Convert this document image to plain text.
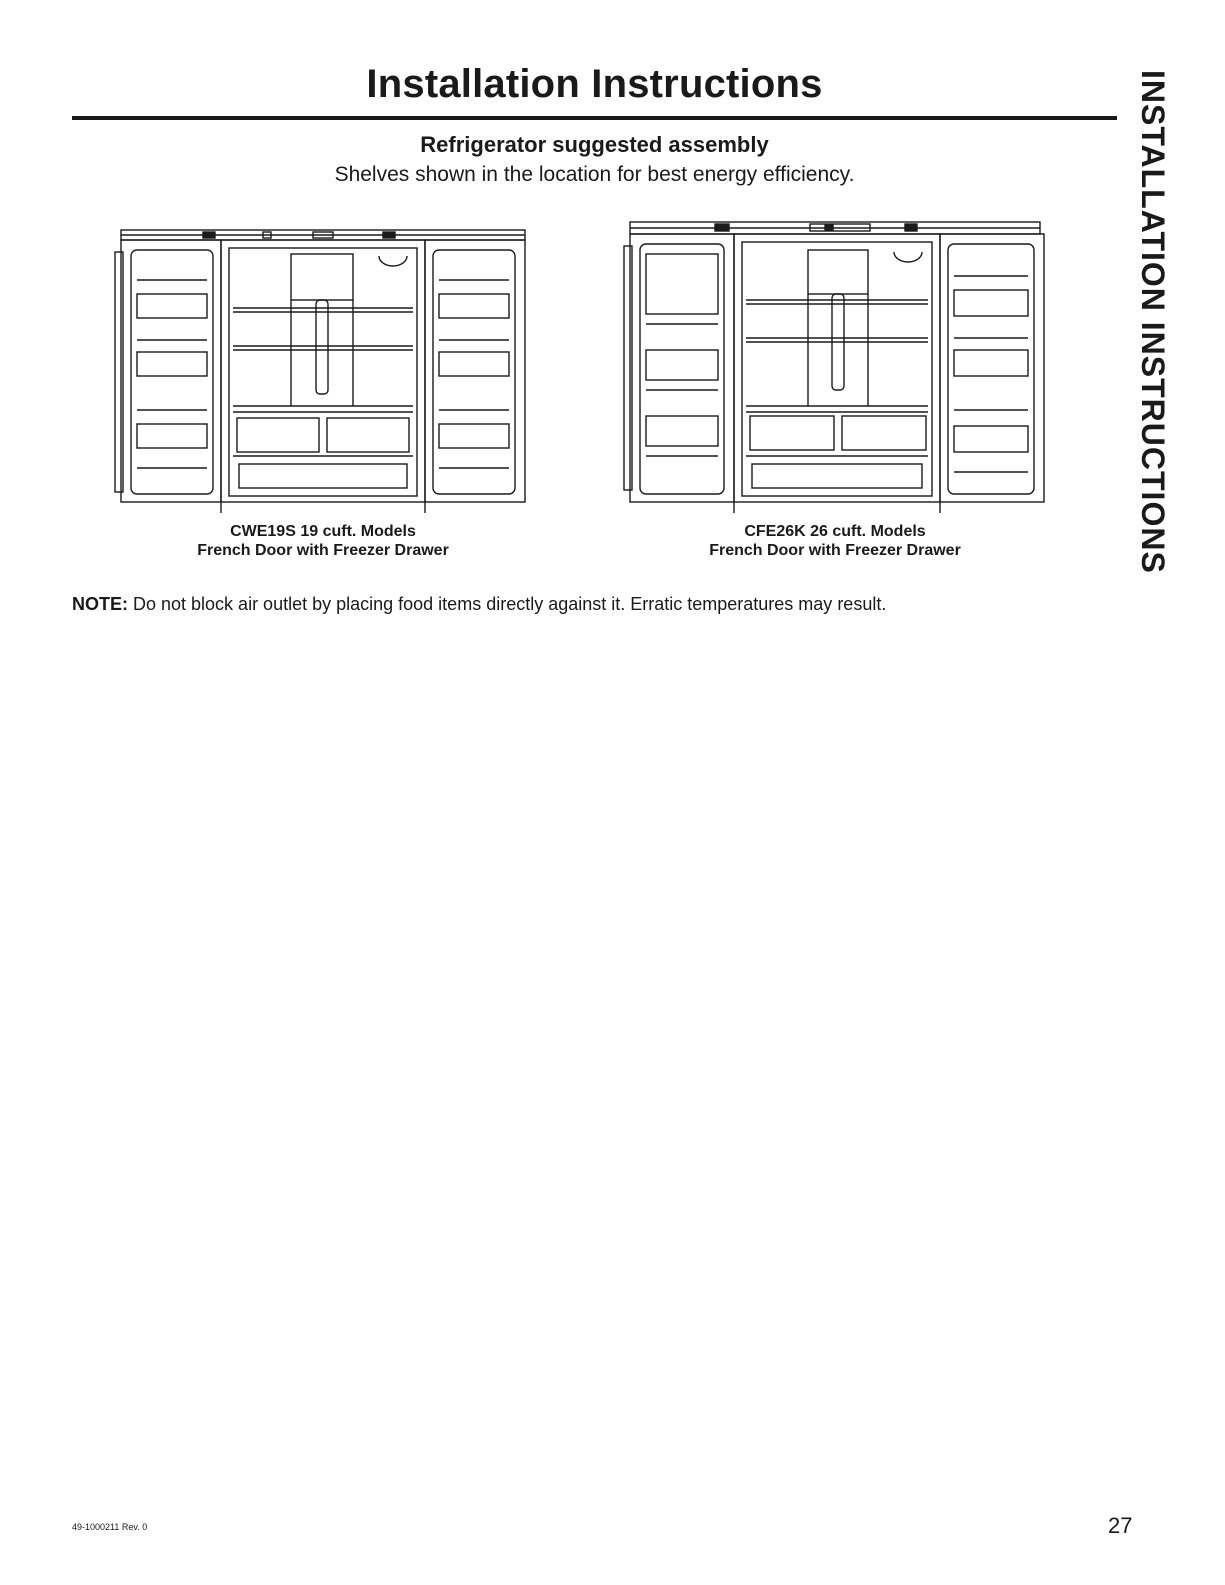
Installation Instructions	INSTALLATION INSTRUCTIONS
Refrigerator suggested assembly
Shelves shown in the location for best energy efficiency.
CWE19S 19 cuft. Models
French Door with Freezer Drawer
CFE26K 26 cuft. Models
French Door with Freezer Drawer
NOTE: Do not block air outlet by placing food items directly against it. Erratic temperatures may result.
49-1000211 Rev. 0	27
